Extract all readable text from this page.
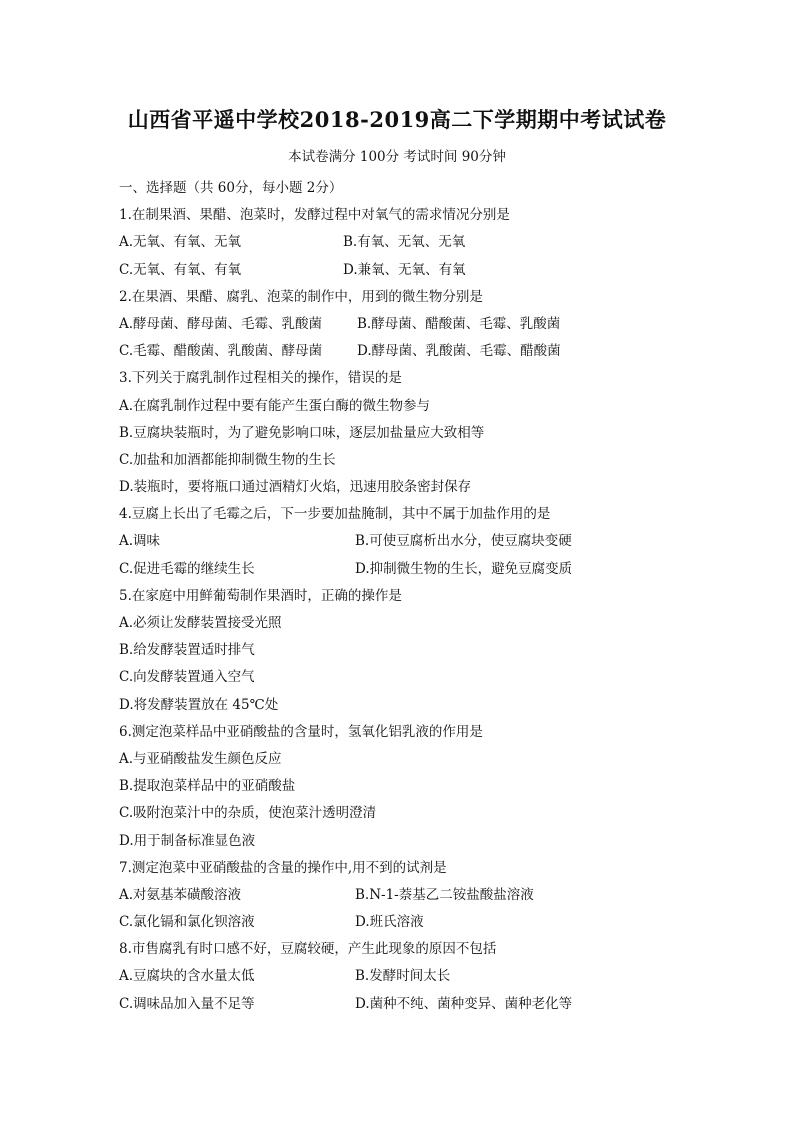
山西省平遥中学校2018-2019高二下学期期中考试试卷
本试卷满分 100分 考试时间 90分钟
一、选择题（共 60分，每小题 2分）
1.在制果酒、果醋、泡菜时，发酵过程中对氧气的需求情况分别是
A.无氧、有氧、无氧	B.有氧、无氧、无氧
C.无氧、有氧、有氧	D.兼氧、无氧、有氧
2.在果酒、果醋、腐乳、泡菜的制作中，用到的微生物分别是
A.酵母菌、酵母菌、毛霉、乳酸菌	B.酵母菌、醋酸菌、毛霉、乳酸菌
C.毛霉、醋酸菌、乳酸菌、酵母菌	D.酵母菌、乳酸菌、毛霉、醋酸菌
3.下列关于腐乳制作过程相关的操作，错误的是
A.在腐乳制作过程中要有能产生蛋白酶的微生物参与
B.豆腐块装瓶时，为了避免影响口味，逐层加盐量应大致相等
C.加盐和加酒都能抑制微生物的生长
D.装瓶时，要将瓶口通过酒精灯火焰，迅速用胶条密封保存
4.豆腐上长出了毛霉之后，下一步要加盐腌制，其中不属于加盐作用的是
A.调味	B.可使豆腐析出水分，使豆腐块变硬
C.促进毛霉的继续生长	D.抑制微生物的生长，避免豆腐变质
5.在家庭中用鲜葡萄制作果酒时，正确的操作是
A.必须让发酵装置接受光照
B.给发酵装置适时排气
C.向发酵装置通入空气
D.将发酵装置放在 45℃处
6.测定泡菜样品中亚硝酸盐的含量时，氢氧化铝乳液的作用是
A.与亚硝酸盐发生颜色反应
B.提取泡菜样品中的亚硝酸盐
C.吸附泡菜汁中的杂质，使泡菜汁透明澄清
D.用于制备标准显色液
7.测定泡菜中亚硝酸盐的含量的操作中,用不到的试剂是
A.对氨基苯磺酸溶液	B.N-1-萘基乙二铵盐酸盐溶液
C.氯化镉和氯化钡溶液	D.班氏溶液
8.市售腐乳有时口感不好，豆腐较硬，产生此现象的原因不包括
A.豆腐块的含水量太低	B.发酵时间太长
C.调味品加入量不足等	D.菌种不纯、菌种变异、菌种老化等
